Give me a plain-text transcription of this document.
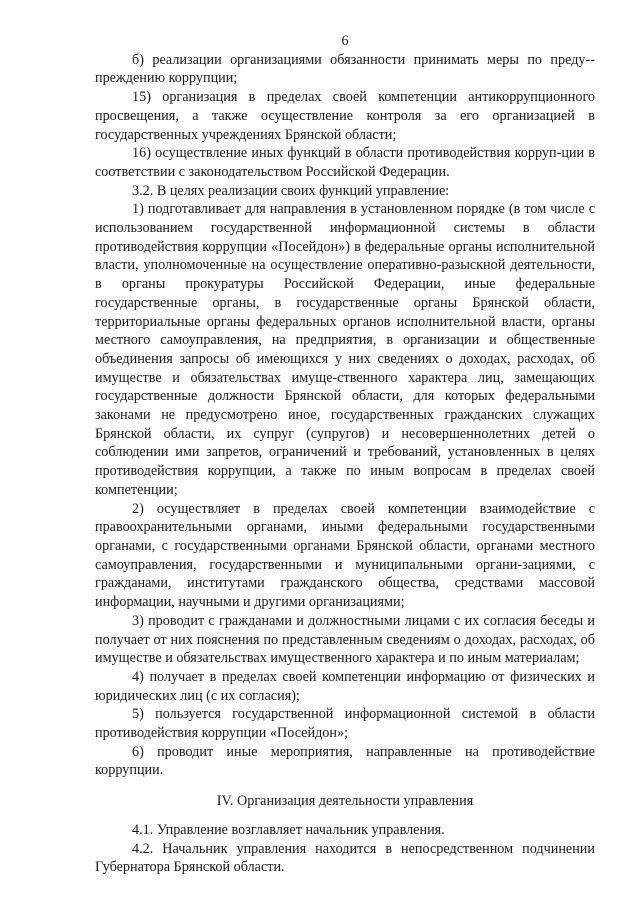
6

б) реализации организациями обязанности принимать меры по преду-преждению коррупции;

15) организация в пределах своей компетенции антикоррупционного просвещения, а также осуществление контроля за его организацией в государственных учреждениях Брянской области;

16) осуществление иных функций в области противодействия корруп-ции в соответствии с законодательством Российской Федерации.

3.2. В целях реализации своих функций управление:

1) подготавливает для направления в установленном порядке (в том числе с использованием государственной информационной системы в области противодействия коррупции «Посейдон») в федеральные органы исполнительной власти, уполномоченные на осуществление оперативно-разыскной деятельности, в органы прокуратуры Российской Федерации, иные федеральные государственные органы, в государственные органы Брянской области, территориальные органы федеральных органов исполнительной власти, органы местного самоуправления, на предприятия, в организации и общественные объединения запросы об имеющихся у них сведениях о доходах, расходах, об имуществе и обязательствах имуще-ственного характера лиц, замещающих государственные должности Брянской области, для которых федеральными законами не предусмотрено иное, государственных гражданских служащих Брянской области, их супруг (супругов) и несовершеннолетних детей о соблюдении ими запретов, ограничений и требований, установленных в целях противодействия коррупции, а также по иным вопросам в пределах своей компетенции;

2) осуществляет в пределах своей компетенции взаимодействие с правоохранительными органами, иными федеральными государственными органами, с государственными органами Брянской области, органами местного самоуправления, государственными и муниципальными органи-зациями, с гражданами, институтами гражданского общества, средствами массовой информации, научными и другими организациями;

3) проводит с гражданами и должностными лицами с их согласия беседы и получает от них пояснения по представленным сведениям о доходах, расходах, об имуществе и обязательствах имущественного характера и по иным материалам;

4) получает в пределах своей компетенции информацию от физических и юридических лиц (с их согласия);

5) пользуется государственной информационной системой в области противодействия коррупции «Посейдон»;

6) проводит иные мероприятия, направленные на противодействие коррупции.

IV. Организация деятельности управления

4.1. Управление возглавляет начальник управления.

4.2. Начальник управления находится в непосредственном подчинении Губернатора Брянской области.
